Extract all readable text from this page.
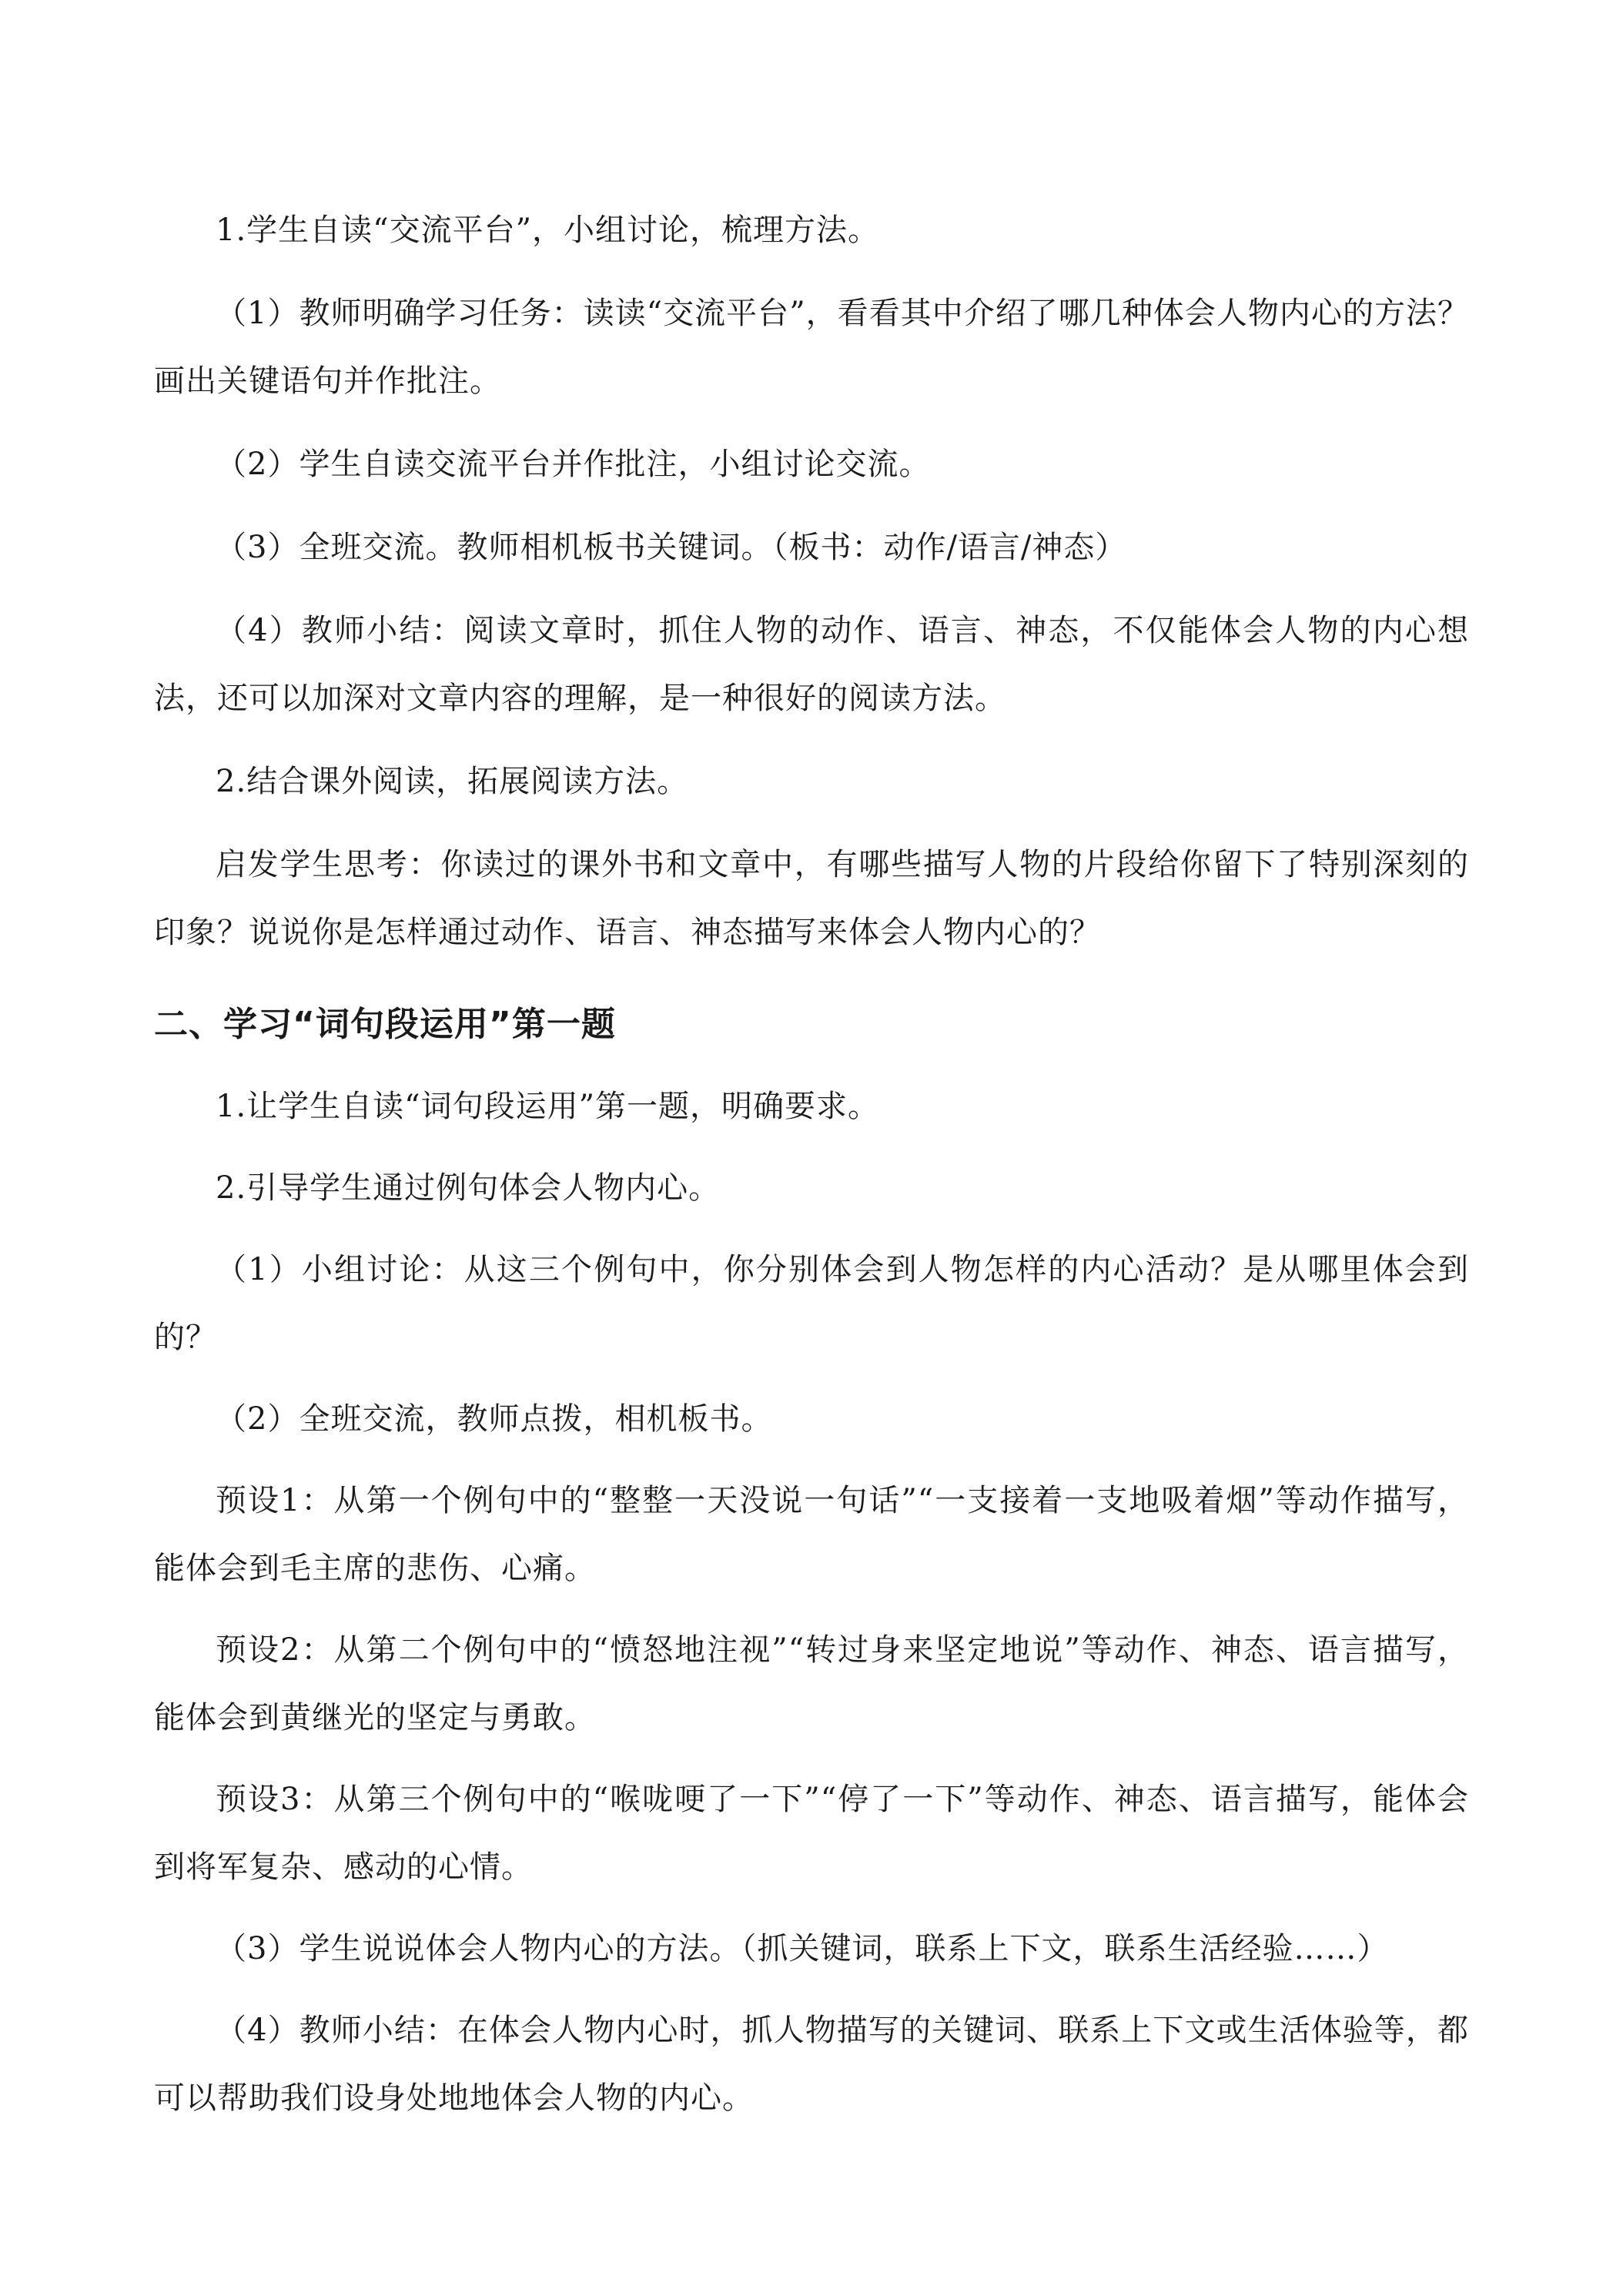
1.学生自读“交流平台”，小组讨论，梳理方法。

（1）教师明确学习任务：读读“交流平台”，看看其中介绍了哪几种体会人物内心的方法？画出关键语句并作批注。

（2）学生自读交流平台并作批注，小组讨论交流。

（3）全班交流。教师相机板书关键词。（板书：动作/语言/神态）

（4）教师小结：阅读文章时，抓住人物的动作、语言、神态，不仅能体会人物的内心想法，还可以加深对文章内容的理解，是一种很好的阅读方法。

2.结合课外阅读，拓展阅读方法。

启发学生思考：你读过的课外书和文章中，有哪些描写人物的片段给你留下了特别深刻的印象？说说你是怎样通过动作、语言、神态描写来体会人物内心的？

二、学习“词句段运用”第一题

1.让学生自读“词句段运用”第一题，明确要求。

2.引导学生通过例句体会人物内心。

（1）小组讨论：从这三个例句中，你分别体会到人物怎样的内心活动？是从哪里体会到的？

（2）全班交流，教师点拨，相机板书。

预设1：从第一个例句中的“整整一天没说一句话”“一支接着一支地吸着烟”等动作描写，能体会到毛主席的悲伤、心痛。

预设2：从第二个例句中的“愤怒地注视”“转过身来坚定地说”等动作、神态、语言描写，能体会到黄继光的坚定与勇敢。

预设3：从第三个例句中的“喉咙哽了一下”“停了一下”等动作、神态、语言描写，能体会到将军复杂、感动的心情。

（3）学生说说体会人物内心的方法。（抓关键词，联系上下文，联系生活经验……）

（4）教师小结：在体会人物内心时，抓人物描写的关键词、联系上下文或生活体验等，都可以帮助我们设身处地地体会人物的内心。
